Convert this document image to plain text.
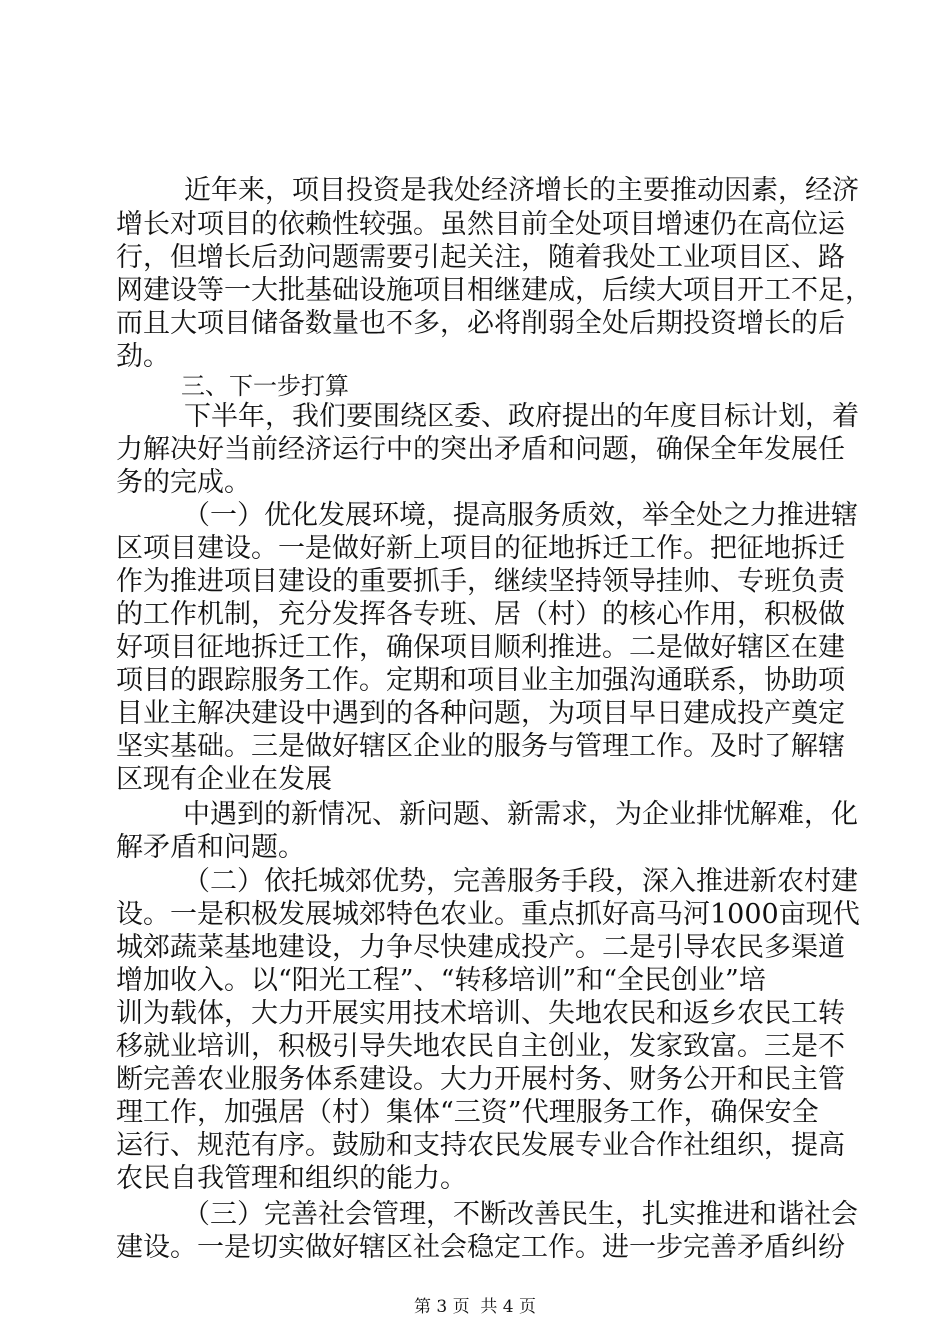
近年来，项目投资是我处经济增长的主要推动因素，经济
增长对项目的依赖性较强。虽然目前全处项目增速仍在高位运
行，但增长后劲问题需要引起关注，随着我处工业项目区、路
网建设等一大批基础设施项目相继建成，后续大项目开工不足，
而且大项目储备数量也不多，必将削弱全处后期投资增长的后
劲。
三、下一步打算
下半年，我们要围绕区委、政府提出的年度目标计划，着
力解决好当前经济运行中的突出矛盾和问题，确保全年发展任
务的完成。
（一）优化发展环境，提高服务质效，举全处之力推进辖
区项目建设。一是做好新上项目的征地拆迁工作。把征地拆迁
作为推进项目建设的重要抓手，继续坚持领导挂帅、专班负责
的工作机制，充分发挥各专班、居（村）的核心作用，积极做
好项目征地拆迁工作，确保项目顺利推进。二是做好辖区在建
项目的跟踪服务工作。定期和项目业主加强沟通联系，协助项
目业主解决建设中遇到的各种问题，为项目早日建成投产奠定
坚实基础。三是做好辖区企业的服务与管理工作。及时了解辖
区现有企业在发展
中遇到的新情况、新问题、新需求，为企业排忧解难，化
解矛盾和问题。
（二）依托城郊优势，完善服务手段，深入推进新农村建
设。一是积极发展城郊特色农业。重点抓好高马河1000亩现代
城郊蔬菜基地建设，力争尽快建成投产。二是引导农民多渠道
增加收入。以“阳光工程”、“转移培训”和“全民创业”培
训为载体，大力开展实用技术培训、失地农民和返乡农民工转
移就业培训，积极引导失地农民自主创业，发家致富。三是不
断完善农业服务体系建设。大力开展村务、财务公开和民主管
理工作，加强居（村）集体“三资”代理服务工作，确保安全
运行、规范有序。鼓励和支持农民发展专业合作社组织，提高
农民自我管理和组织的能力。
（三）完善社会管理，不断改善民生，扎实推进和谐社会
建设。一是切实做好辖区社会稳定工作。进一步完善矛盾纠纷
第 3 页  共 4 页
